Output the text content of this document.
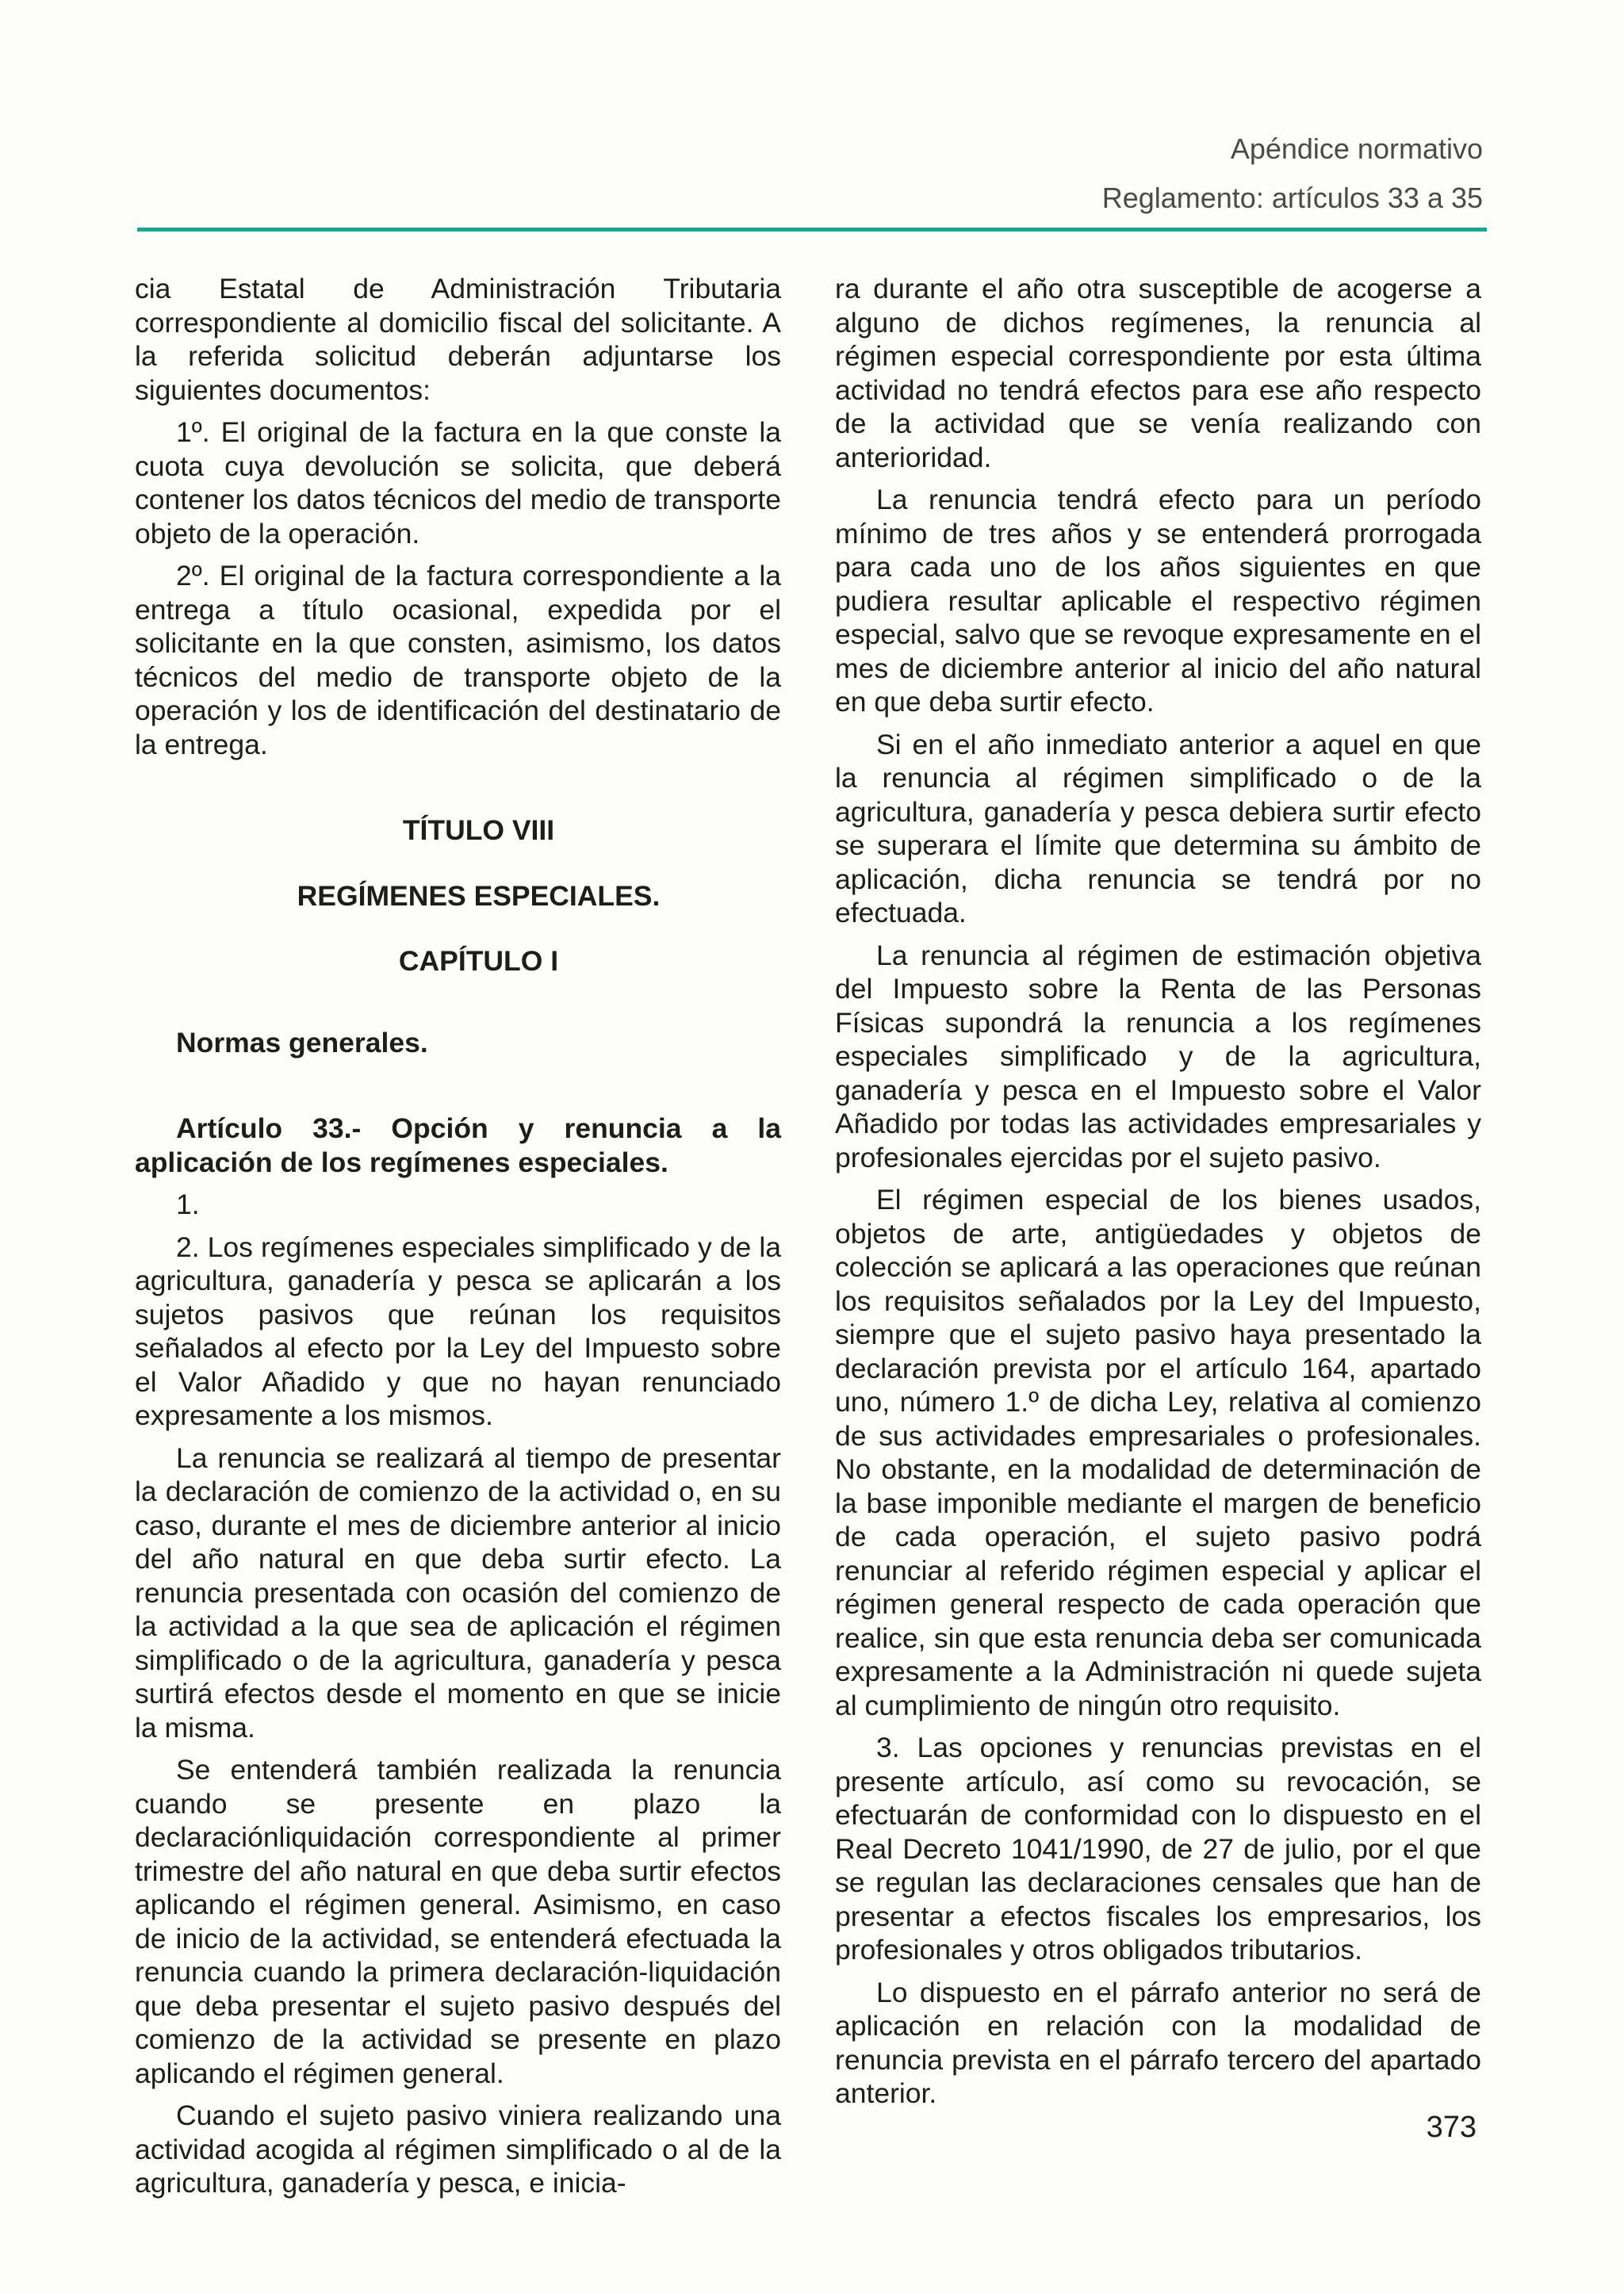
Apéndice normativo
Reglamento: artículos 33 a 35

cia Estatal de Administración Tributaria correspondiente al domicilio fiscal del solicitante. A la referida solicitud deberán adjuntarse los siguientes documentos:

1º. El original de la factura en la que conste la cuota cuya devolución se solicita, que deberá contener los datos técnicos del medio de transporte objeto de la operación.

2º. El original de la factura correspondiente a la entrega a título ocasional, expedida por el solicitante en la que consten, asimismo, los datos técnicos del medio de transporte objeto de la operación y los de identificación del destinatario de la entrega.

TÍTULO VIII

REGÍMENES ESPECIALES.

CAPÍTULO I

Normas generales.

Artículo 33.- Opción y renuncia a la aplicación de los regímenes especiales.

1.

2. Los regímenes especiales simplificado y de la agricultura, ganadería y pesca se aplicarán a los sujetos pasivos que reúnan los requisitos señalados al efecto por la Ley del Impuesto sobre el Valor Añadido y que no hayan renunciado expresamente a los mismos.

La renuncia se realizará al tiempo de presentar la declaración de comienzo de la actividad o, en su caso, durante el mes de diciembre anterior al inicio del año natural en que deba surtir efecto. La renuncia presentada con ocasión del comienzo de la actividad a la que sea de aplicación el régimen simplificado o de la agricultura, ganadería y pesca surtirá efectos desde el momento en que se inicie la misma.

Se entenderá también realizada la renuncia cuando se presente en plazo la declaraciónliquidación correspondiente al primer trimestre del año natural en que deba surtir efectos aplicando el régimen general. Asimismo, en caso de inicio de la actividad, se entenderá efectuada la renuncia cuando la primera declaración-liquidación que deba presentar el sujeto pasivo después del comienzo de la actividad se presente en plazo aplicando el régimen general.

Cuando el sujeto pasivo viniera realizando una actividad acogida al régimen simplificado o al de la agricultura, ganadería y pesca, e inicia-

ra durante el año otra susceptible de acogerse a alguno de dichos regímenes, la renuncia al régimen especial correspondiente por esta última actividad no tendrá efectos para ese año respecto de la actividad que se venía realizando con anterioridad.

La renuncia tendrá efecto para un período mínimo de tres años y se entenderá prorrogada para cada uno de los años siguientes en que pudiera resultar aplicable el respectivo régimen especial, salvo que se revoque expresamente en el mes de diciembre anterior al inicio del año natural en que deba surtir efecto.

Si en el año inmediato anterior a aquel en que la renuncia al régimen simplificado o de la agricultura, ganadería y pesca debiera surtir efecto se superara el límite que determina su ámbito de aplicación, dicha renuncia se tendrá por no efectuada.

La renuncia al régimen de estimación objetiva del Impuesto sobre la Renta de las Personas Físicas supondrá la renuncia a los regímenes especiales simplificado y de la agricultura, ganadería y pesca en el Impuesto sobre el Valor Añadido por todas las actividades empresariales y profesionales ejercidas por el sujeto pasivo.

El régimen especial de los bienes usados, objetos de arte, antigüedades y objetos de colección se aplicará a las operaciones que reúnan los requisitos señalados por la Ley del Impuesto, siempre que el sujeto pasivo haya presentado la declaración prevista por el artículo 164, apartado uno, número 1.º de dicha Ley, relativa al comienzo de sus actividades empresariales o profesionales. No obstante, en la modalidad de determinación de la base imponible mediante el margen de beneficio de cada operación, el sujeto pasivo podrá renunciar al referido régimen especial y aplicar el régimen general respecto de cada operación que realice, sin que esta renuncia deba ser comunicada expresamente a la Administración ni quede sujeta al cumplimiento de ningún otro requisito.

3. Las opciones y renuncias previstas en el presente artículo, así como su revocación, se efectuarán de conformidad con lo dispuesto en el Real Decreto 1041/1990, de 27 de julio, por el que se regulan las declaraciones censales que han de presentar a efectos fiscales los empresarios, los profesionales y otros obligados tributarios.

Lo dispuesto en el párrafo anterior no será de aplicación en relación con la modalidad de renuncia prevista en el párrafo tercero del apartado anterior.

373
